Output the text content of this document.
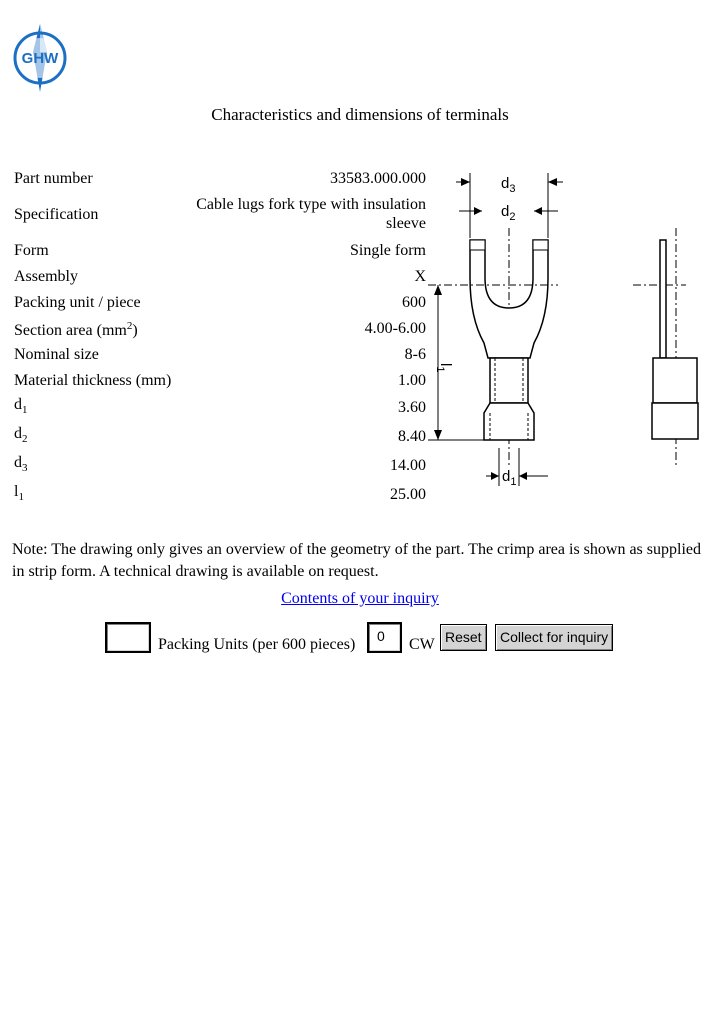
GHW
Characteristics and dimensions of terminals
Part number	33583.000.000
Specification	Cable lugs fork type with insulation sleeve
Form	Single form
Assembly	X
Packing unit / piece	600
Section area $(mm^2)$	4.00-6.00
Nominal size	8-6
Material thickness (mm)	1.00
$d_1$	3.60
$d_2$	8.40
$d_3$	14.00
$l_1$	25.00
$d_3$
$d_2$
$l_1$
$d_1$
Note: The drawing only gives an overview of the geometry of the part. The crimp area is shown as supplied in strip form. A technical drawing is available on request.
Contents of your inquiry
Packing Units (per 600 pieces)	0	CW Reset	Collect for inquiry
